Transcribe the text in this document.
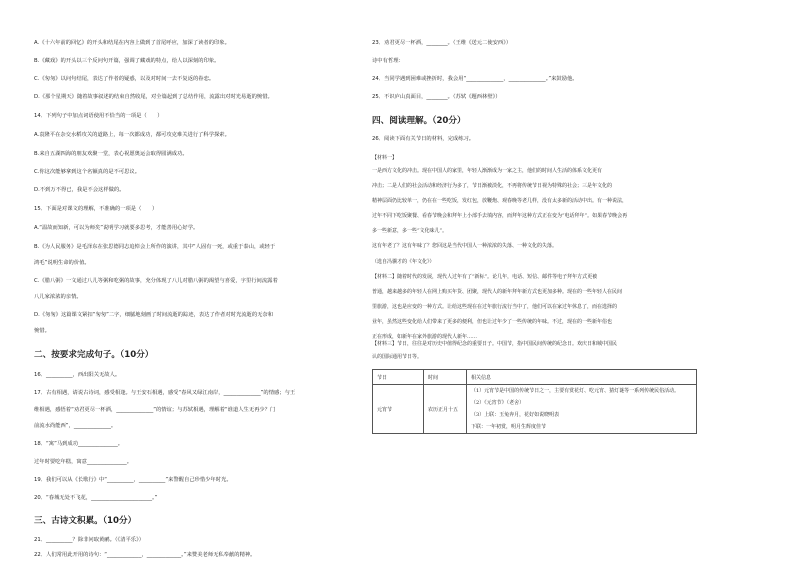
A.《十六年前的回忆》的开头和结尾在内容上做到了首尾呼应，加深了读者的印象。
B.《藏戏》的开头以三个反问句开篇，强调了藏戏的特点，给人以深刻的印象。
C.《匆匆》以问句结尾，表达了作者的疑惑，以及对时间一去不复返的眷恋。
D.《那个星期天》随着故事叙述的结束自然收尾，对全篇起到了总结作用，流露出对时光易逝的惋惜。
14．下列句子中加点词语使用不恰当的一项是（　　）
A.袁隆平在杂交水稻攻关的道路上，每一次都成功，都可攻克难关进行了科学探索。
B.来自五湖四海的朋友欢聚一堂，表心祝愿奥运会取得圆满成功。
C.你这次能够拿到这个名额真的是不可思议。
D.不到万不得已，我是不会这样做的。
15．下面是对课文的理解，不准确的一项是（　　）
A.“温故而知新，可以为师矣”说明学习就要多思考，才能善用心好学。
B.《为人民服务》是毛泽东在张思德同志追悼会上所作的演讲，其中“人固有一死，或重于泰山，或轻于
鸿毛”说明生命的价值。
C.《腊八粥》一文通过八儿等粥和吃粥的故事，充分体现了八儿对腊八粥的渴望与喜爱，字里行间流露着
八儿家浓浓的亲情。
D.《匆匆》这篇课文紧扣“匆匆”二字，细腻地刻画了时间流逝的踪迹，表达了作者对时光流逝的无奈和
惋惜。
二、按要求完成句子。（10分）
16．__________，西出阳关无故人。
17．古有相遇，请说古诗词，感受相逢。与王安石相遇，感受“春风又绿江南岸，______________”的情感；与王
维相遇，感悟着“劝君更尽一杯酒，______________”的情谊；与苏轼相遇，理解着“谁道人生无再少？门
前流水尚能西”，______________。
18．“寓”马到成功_______________。
过年时要吃年糕，寓意_______________。
19．我们可以从《长歌行》中“__________，__________”来警醒自己珍惜少年时光。
20．“春城无处不飞花，_______________________。”
三、古诗文积累。（10分）
21．__________？除非问取黄鹂。（《清平乐》）
22．人们常用此开用的诗句：“_____________，_____________。”来赞美老师无私奉献的精神。
23．劝君更尽一杯酒，________。（王维《送元二使安西》）
诗中有哲理：
24．当同学遇到困难或挫折时，我会用“______________，______________。”来鼓励他。
25．不识庐山真面目，________。（苏轼《题西林壁》）
四、阅读理解。（20分）
26．阅读下面有关节日的材料，完成练习。
【材料一】
一是西方文化的冲击。现在中国人的家里，年轻人渐渐成为一家之主，他们的时间人生活的体系文化更有
冲击；二是人们的社会活动和经济行为多了，节日渐被淡化，不再将传统节日视为特殊的社会；三是年文化的
精神层面仍比较单一，仍在在一些吃饭，发红包，放鞭炮、观春晚等老几样，没有太多新的活动中出。有一种说法，
过年不同下吃饭聚餐、看春节晚会和拜年上小部手去填内容，而拜年这种方式正在变为“电话拜年”。如果春节晚会再
多一些新意，多一些“文化味儿”。
这有年老了？这有年味了？您回这是当代中国人一种浓浓的失落、一种文化的失落。
（选自冯骥才的《年文化》）
【材料二】随着时代的发展，现代人过年有了“新标”。论几年，电话、短信、邮件等电子拜年方式更被
普通，越来越多的年轻人在网上购买年货、团聚，现代人的新年拜年新方式也更加多种。现在的一些年轻人在民间
里旅游，这也是应变的一种方式。让给这些现在在过年旅行流行当中了，他们可以在家过年休息了，而在选择的
业年，虽然这些变化给人们带来了更多的便利，但也让过年少了一些传统的年味。不过，现在的一些新年俗也
正在形成，如新年在家外旅游的现代人新年……
【材料三】节日，往往是对历史中值得纪念的重要日子。中国节，指中国民间传统的纪念日。欢庆日和城中国民
认的国际通用节日等。
节日	时间	相关信息
元宵节	农历正月十五	（1）元宵节是中国的传统节日之一，主要有赏花灯、吃元宵、猜灯谜等一系列传统民俗活动。
（2）《元宵节》（老舍）
（3）上联：玉兔奔月，花好如说晓明表
下联：一年初赏，明月生辉度佳节
